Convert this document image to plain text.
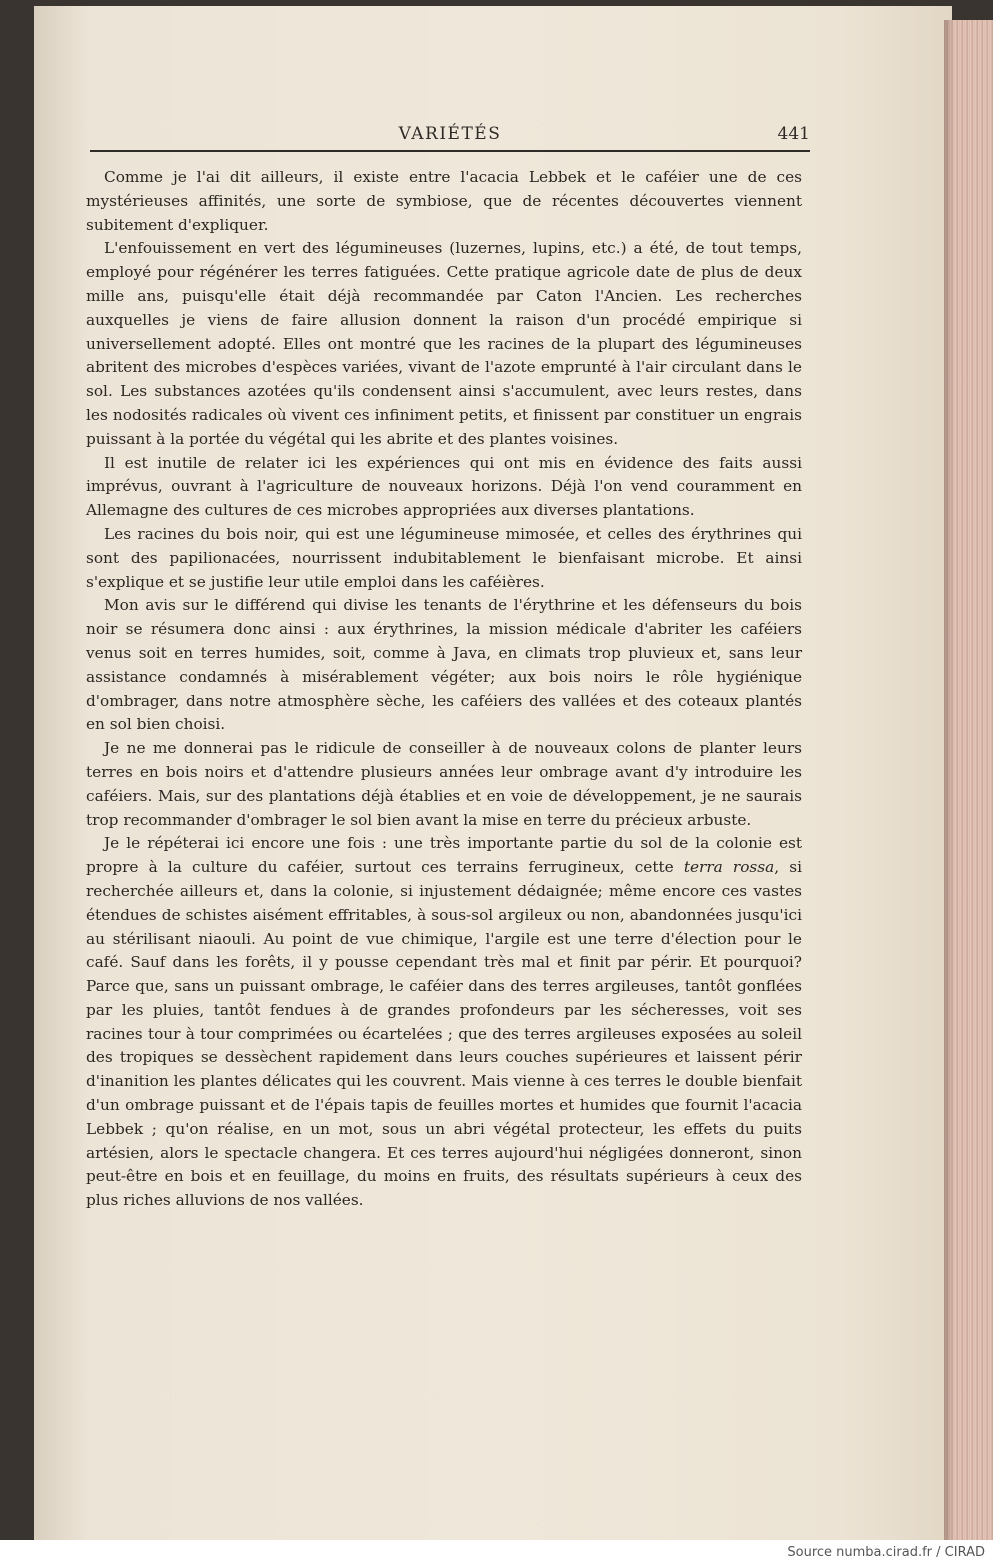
VARIÉTÉS	441

Comme je l'ai dit ailleurs, il existe entre l'acacia Lebbek et le caféier une de ces mystérieuses affinités, une sorte de symbiose, que de récentes découvertes viennent subitement d'expliquer.

L'enfouissement en vert des légumineuses (luzernes, lupins, etc.) a été, de tout temps, employé pour régénérer les terres fatiguées. Cette pratique agricole date de plus de deux mille ans, puisqu'elle était déjà recommandée par Caton l'Ancien. Les recherches auxquelles je viens de faire allusion donnent la raison d'un procédé empirique si universellement adopté. Elles ont montré que les racines de la plupart des légumineuses abritent des microbes d'espèces variées, vivant de l'azote emprunté à l'air circulant dans le sol. Les substances azotées qu'ils condensent ainsi s'accumulent, avec leurs restes, dans les nodosités radicales où vivent ces infiniment petits, et finissent par constituer un engrais puissant à la portée du végétal qui les abrite et des plantes voisines.

Il est inutile de relater ici les expériences qui ont mis en évidence des faits aussi imprévus, ouvrant à l'agriculture de nouveaux horizons. Déjà l'on vend couramment en Allemagne des cultures de ces microbes appropriées aux diverses plantations.

Les racines du bois noir, qui est une légumineuse mimosée, et celles des érythrines qui sont des papilionacées, nourrissent indubitablement le bienfaisant microbe. Et ainsi s'explique et se justifie leur utile emploi dans les caféières.

Mon avis sur le différend qui divise les tenants de l'érythrine et les défenseurs du bois noir se résumera donc ainsi : aux érythrines, la mission médicale d'abriter les caféiers venus soit en terres humides, soit, comme à Java, en climats trop pluvieux et, sans leur assistance condamnés à misérablement végéter; aux bois noirs le rôle hygiénique d'ombrager, dans notre atmosphère sèche, les caféiers des vallées et des coteaux plantés en sol bien choisi.

Je ne me donnerai pas le ridicule de conseiller à de nouveaux colons de planter leurs terres en bois noirs et d'attendre plusieurs années leur ombrage avant d'y introduire les caféiers. Mais, sur des plantations déjà établies et en voie de développement, je ne saurais trop recommander d'ombrager le sol bien avant la mise en terre du précieux arbuste.

Je le répéterai ici encore une fois : une très importante partie du sol de la colonie est propre à la culture du caféier, surtout ces terrains ferrugineux, cette terra rossa, si recherchée ailleurs et, dans la colonie, si injustement dédaignée; même encore ces vastes étendues de schistes aisément effritables, à sous-sol argileux ou non, abandonnées jusqu'ici au stérilisant niaouli. Au point de vue chimique, l'argile est une terre d'élection pour le café. Sauf dans les forêts, il y pousse cependant très mal et finit par périr. Et pourquoi? Parce que, sans un puissant ombrage, le caféier dans des terres argileuses, tantôt gonflées par les pluies, tantôt fendues à de grandes profondeurs par les sécheresses, voit ses racines tour à tour comprimées ou écartelées ; que des terres argileuses exposées au soleil des tropiques se dessèchent rapidement dans leurs couches supérieures et laissent périr d'inanition les plantes délicates qui les couvrent. Mais vienne à ces terres le double bienfait d'un ombrage puissant et de l'épais tapis de feuilles mortes et humides que fournit l'acacia Lebbek ; qu'on réalise, en un mot, sous un abri végétal protecteur, les effets du puits artésien, alors le spectacle changera. Et ces terres aujourd'hui négligées donneront, sinon peut-être en bois et en feuillage, du moins en fruits, des résultats supérieurs à ceux des plus riches alluvions de nos vallées.

Source numba.cirad.fr / CIRAD
